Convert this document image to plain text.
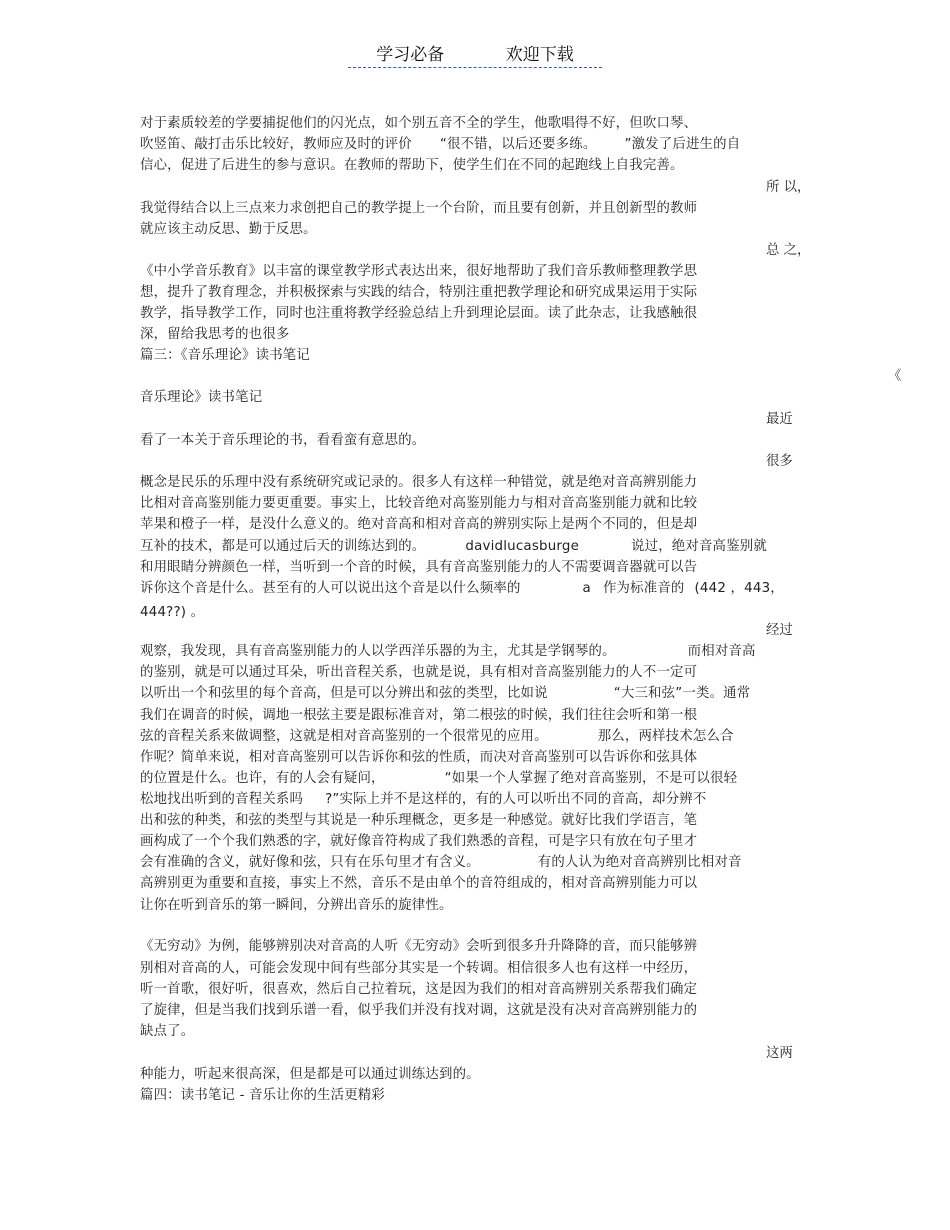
学习必备	欢迎下载
对于素质较差的学要捕捉他们的闪光点，如个别五音不全的学生，他歌唱得不好，但吹口琴、
吹竖笛、敲打击乐比较好，教师应及时的评价 “很不错，以后还要多练。 ”激发了后进生的自
信心，促进了后进生的参与意识。在教师的帮助下，使学生们在不同的起跑线上自我完善。
所 以，
我觉得结合以上三点来力求创把自己的教学提上一个台阶，而且要有创新，并且创新型的教师
就应该主动反思、勤于反思。
总 之，
《中小学音乐教育》以丰富的课堂教学形式表达出来，很好地帮助了我们音乐教师整理教学思
想，提升了教育理念，并积极探索与实践的结合，特别注重把教学理论和研究成果运用于实际
教学，指导教学工作，同时也注重将教学经验总结上升到理论层面。读了此杂志，让我感触很
深，留给我思考的也很多
篇三：《音乐理论》读书笔记
《
音乐理论》读书笔记
最近
看了一本关于音乐理论的书，看看蛮有意思的。
很多
概念是民乐的乐理中没有系统研究或记录的。很多人有这样一种错觉，就是绝对音高辨别能力
比相对音高鉴别能力要更重要。事实上，比较音绝对高鉴别能力与相对音高鉴别能力就和比较
苹果和橙子一样，是没什么意义的。绝对音高和相对音高的辨别实际上是两个不同的，但是却
互补的技术，都是可以通过后天的训练达到的。	davidlucasburge	说过，绝对音高鉴别就
和用眼睛分辨颜色一样，当听到一个音的时候，具有音高鉴别能力的人不需要调音器就可以告
诉你这个音是什么。甚至有的人可以说出这个音是以什么频率的	a 作为标准音的 (442 ，443，
444??) 。
经过
观察，我发现，具有音高鉴别能力的人以学西洋乐器的为主，尤其是学钢琴的。	而相对音高
的鉴别，就是可以通过耳朵，听出音程关系，也就是说，具有相对音高鉴别能力的人不一定可
以听出一个和弦里的每个音高，但是可以分辨出和弦的类型，比如说	“大三和弦”一类。通常
我们在调音的时候，调地一根弦主要是跟标准音对，第二根弦的时候，我们往往会听和第一根
弦的音程关系来做调整，这就是相对音高鉴别的一个很常见的应用。	那么，两样技术怎么合
作呢？简单来说，相对音高鉴别可以告诉你和弦的性质，而决对音高鉴别可以告诉你和弦具体
的位置是什么。也许，有的人会有疑问，	“如果一个人掌握了绝对音高鉴别，不是可以很轻
松地找出听到的音程关系吗 ?”实际上并不是这样的，有的人可以听出不同的音高，却分辨不
出和弦的种类，和弦的类型与其说是一种乐理概念，更多是一种感觉。就好比我们学语言，笔
画构成了一个个我们熟悉的字，就好像音符构成了我们熟悉的音程，可是字只有放在句子里才
会有准确的含义，就好像和弦，只有在乐句里才有含义。	有的人认为绝对音高辨别比相对音
高辨别更为重要和直接，事实上不然，音乐不是由单个的音符组成的，相对音高辨别能力可以
让你在听到音乐的第一瞬间，分辨出音乐的旋律性。
《无穷动》为例，能够辨别决对音高的人听《无穷动》会听到很多升升降降的音，而只能够辨
别相对音高的人，可能会发现中间有些部分其实是一个转调。相信很多人也有这样一中经历，
听一首歌，很好听，很喜欢，然后自己拉着玩，这是因为我们的相对音高辨别关系帮我们确定
了旋律，但是当我们找到乐谱一看，似乎我们并没有找对调，这就是没有决对音高辨别能力的
缺点了。
这两
种能力，听起来很高深，但是都是可以通过训练达到的。
篇四：读书笔记 - 音乐让你的生活更精彩
